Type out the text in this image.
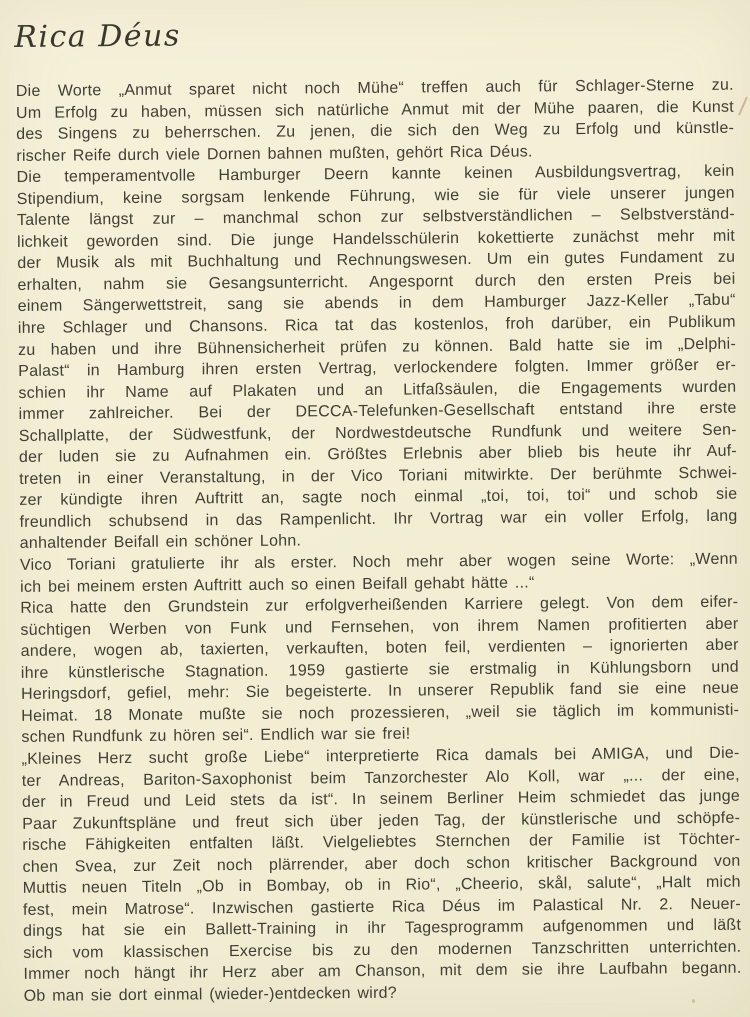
Rica Déus
Die Worte „Anmut sparet nicht noch Mühe“ treffen auch für Schlager-Sterne zu.
Um Erfolg zu haben, müssen sich natürliche Anmut mit der Mühe paaren, die Kunst
des Singens zu beherrschen. Zu jenen, die sich den Weg zu Erfolg und künstle-
rischer Reife durch viele Dornen bahnen mußten, gehört Rica Déus.
Die temperamentvolle Hamburger Deern kannte keinen Ausbildungsvertrag, kein
Stipendium, keine sorgsam lenkende Führung, wie sie für viele unserer jungen
Talente längst zur – manchmal schon zur selbstverständlichen – Selbstverständ-
lichkeit geworden sind. Die junge Handelsschülerin kokettierte zunächst mehr mit
der Musik als mit Buchhaltung und Rechnungswesen. Um ein gutes Fundament zu
erhalten, nahm sie Gesangsunterricht. Angespornt durch den ersten Preis bei
einem Sängerwettstreit, sang sie abends in dem Hamburger Jazz-Keller „Tabu“
ihre Schlager und Chansons. Rica tat das kostenlos, froh darüber, ein Publikum
zu haben und ihre Bühnensicherheit prüfen zu können. Bald hatte sie im „Delphi-
Palast“ in Hamburg ihren ersten Vertrag, verlockendere folgten. Immer größer er-
schien ihr Name auf Plakaten und an Litfaßsäulen, die Engagements wurden
immer zahlreicher. Bei der DECCA-Telefunken-Gesellschaft entstand ihre erste
Schallplatte, der Südwestfunk, der Nordwestdeutsche Rundfunk und weitere Sen-
der luden sie zu Aufnahmen ein. Größtes Erlebnis aber blieb bis heute ihr Auf-
treten in einer Veranstaltung, in der Vico Toriani mitwirkte. Der berühmte Schwei-
zer kündigte ihren Auftritt an, sagte noch einmal „toi, toi, toi“ und schob sie
freundlich schubsend in das Rampenlicht. Ihr Vortrag war ein voller Erfolg, lang
anhaltender Beifall ein schöner Lohn.
Vico Toriani gratulierte ihr als erster. Noch mehr aber wogen seine Worte: „Wenn
ich bei meinem ersten Auftritt auch so einen Beifall gehabt hätte ...“
Rica hatte den Grundstein zur erfolgverheißenden Karriere gelegt. Von dem eifer-
süchtigen Werben von Funk und Fernsehen, von ihrem Namen profitierten aber
andere, wogen ab, taxierten, verkauften, boten feil, verdienten – ignorierten aber
ihre künstlerische Stagnation. 1959 gastierte sie erstmalig in Kühlungsborn und
Heringsdorf, gefiel, mehr: Sie begeisterte. In unserer Republik fand sie eine neue
Heimat. 18 Monate mußte sie noch prozessieren, „weil sie täglich im kommunisti-
schen Rundfunk zu hören sei“. Endlich war sie frei!
„Kleines Herz sucht große Liebe“ interpretierte Rica damals bei AMIGA, und Die-
ter Andreas, Bariton-Saxophonist beim Tanzorchester Alo Koll, war „... der eine,
der in Freud und Leid stets da ist“. In seinem Berliner Heim schmiedet das junge
Paar Zukunftspläne und freut sich über jeden Tag, der künstlerische und schöpfe-
rische Fähigkeiten entfalten läßt. Vielgeliebtes Sternchen der Familie ist Töchter-
chen Svea, zur Zeit noch plärrender, aber doch schon kritischer Background von
Muttis neuen Titeln „Ob in Bombay, ob in Rio“, „Cheerio, skål, salute“, „Halt mich
fest, mein Matrose“. Inzwischen gastierte Rica Déus im Palastical Nr. 2. Neuer-
dings hat sie ein Ballett-Training in ihr Tagesprogramm aufgenommen und läßt
sich vom klassischen Exercise bis zu den modernen Tanzschritten unterrichten.
Immer noch hängt ihr Herz aber am Chanson, mit dem sie ihre Laufbahn begann.
Ob man sie dort einmal (wieder-)entdecken wird?
